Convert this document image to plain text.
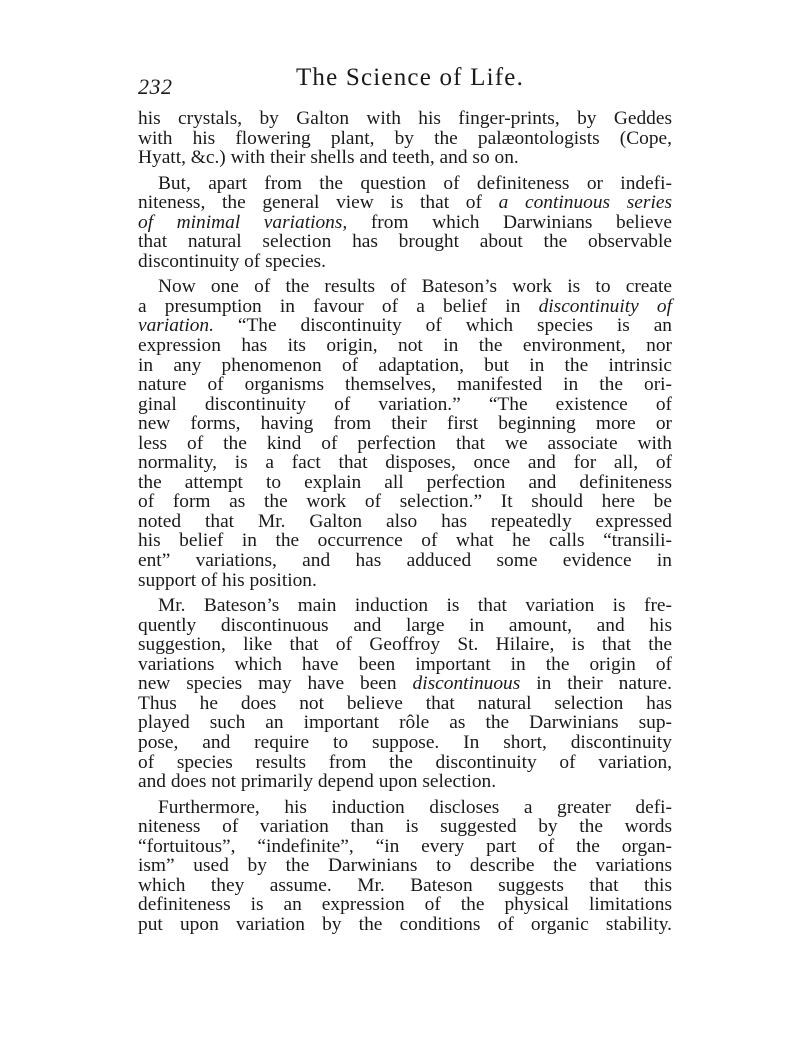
232	The Science of Life.
his crystals, by Galton with his finger-prints, by Geddes
with his flowering plant, by the palæontologists (Cope,
Hyatt, &c.) with their shells and teeth, and so on.
But, apart from the question of definiteness or indefi-
niteness, the general view is that of a continuous series
of minimal variations, from which Darwinians believe
that natural selection has brought about the observable
discontinuity of species.
Now one of the results of Bateson’s work is to create
a presumption in favour of a belief in discontinuity of
variation. “The discontinuity of which species is an
expression has its origin, not in the environment, nor
in any phenomenon of adaptation, but in the intrinsic
nature of organisms themselves, manifested in the ori-
ginal discontinuity of variation.” “The existence of
new forms, having from their first beginning more or
less of the kind of perfection that we associate with
normality, is a fact that disposes, once and for all, of
the attempt to explain all perfection and definiteness
of form as the work of selection.” It should here be
noted that Mr. Galton also has repeatedly expressed
his belief in the occurrence of what he calls “transili-
ent” variations, and has adduced some evidence in
support of his position.
Mr. Bateson’s main induction is that variation is fre-
quently discontinuous and large in amount, and his
suggestion, like that of Geoffroy St. Hilaire, is that the
variations which have been important in the origin of
new species may have been discontinuous in their nature.
Thus he does not believe that natural selection has
played such an important rôle as the Darwinians sup-
pose, and require to suppose. In short, discontinuity
of species results from the discontinuity of variation,
and does not primarily depend upon selection.
Furthermore, his induction discloses a greater defi-
niteness of variation than is suggested by the words
“fortuitous”, “indefinite”, “in every part of the organ-
ism” used by the Darwinians to describe the variations
which they assume. Mr. Bateson suggests that this
definiteness is an expression of the physical limitations
put upon variation by the conditions of organic stability.
